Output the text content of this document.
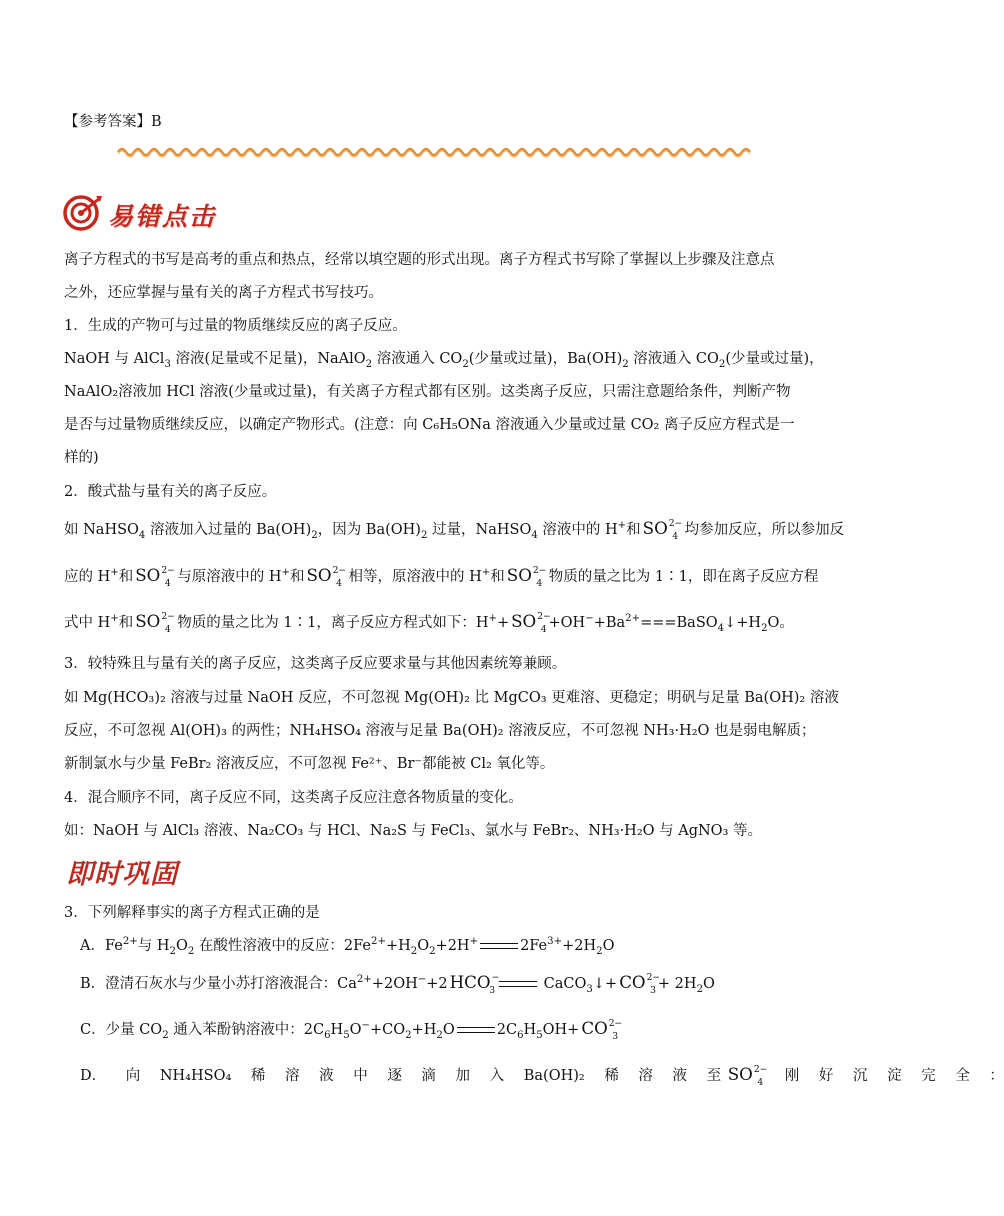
【参考答案】B
易错点击
离子方程式的书写是高考的重点和热点，经常以填空题的形式出现。离子方程式书写除了掌握以上步骤及注意点
之外，还应掌握与量有关的离子方程式书写技巧。
1．生成的产物可与过量的物质继续反应的离子反应。
NaOH 与 AlCl$_3$ 溶液(足量或不足量)，NaAlO$_2$ 溶液通入 $CO_2$(少量或过量)，$Ba(OH)_2$ 溶液通入 $CO_2$(少量或过量)，
NaAlO₂溶液加 HCl 溶液(少量或过量)，有关离子方程式都有区别。这类离子反应，只需注意题给条件，判断产物
是否与过量物质继续反应，以确定产物形式。(注意：向 C₆H₅ONa 溶液通入少量或过量 CO₂ 离子反应方程式是一
样的)
2．酸式盐与量有关的离子反应。
如 NaHSO$_4$ 溶液加入过量的 $Ba(OH)_2$，因为 $Ba(OH)_2$ 过量，NaHSO$_4$ 溶液中的 H+和 $SO^{2-}_4$ 均参加反应，所以参加反
应的 H+和 $SO^{2-}_4$ 与原溶液中的 H+和 $SO^{2-}_4$ 相等，原溶液中的 H+和 $SO^{2-}_4$ 物质的量之比为 1∶1，即在离子反应方程
式中 H+和 $SO^{2-}_4$ 物质的量之比为 1∶1，离子反应方程式如下：$H^++ SO^{2-}_4$ $+OH^-+Ba^{2+}===BaSO_4↓+H_2O$。
3．较特殊且与量有关的离子反应，这类离子反应要求量与其他因素统筹兼顾。
如 Mg(HCO₃)₂ 溶液与过量 NaOH 反应，不可忽视 Mg(OH)₂ 比 MgCO₃ 更难溶、更稳定；明矾与足量 Ba(OH)₂ 溶液
反应，不可忽视 Al(OH)₃ 的两性；NH₄HSO₄ 溶液与足量 Ba(OH)₂ 溶液反应，不可忽视 NH₃·H₂O 也是弱电解质；
新制氯水与少量 FeBr₂ 溶液反应，不可忽视 Fe²⁺、Br⁻都能被 Cl₂ 氧化等。
4．混合顺序不同，离子反应不同，这类离子反应注意各物质量的变化。
如：NaOH 与 AlCl₃ 溶液、Na₂CO₃ 与 HCl、Na₂S 与 FeCl₃、氯水与 FeBr₂、NH₃·H₂O 与 AgNO₃ 等。
即时巩固
3．下列解释事实的离子方程式正确的是
A．$Fe^{2+}$与 $H_2O_2$ 在酸性溶液中的反应：$2Fe^{2+}+H_2O_2+2H^+$	$2Fe^{3+}+2H_2O$
B．澄清石灰水与少量小苏打溶液混合：$Ca^{2+}+2OH^-+2$ $HCO^-_3$	CaCO$_3$↓+ $CO^{2-}_3 + 2H_2O$
C．少量 $CO_2$ 通入苯酚钠溶液中：$2C_6H_5O^-+CO_2+H_2O$	$2C_6H_5OH+ CO^{2-}_3$
D． 向 NH₄HSO₄ 稀 溶 液 中 逐 滴 加 入 Ba(OH)₂ 稀 溶 液 至 $SO^{2-}_4$ 刚 好 沉 淀 完 全 ：
